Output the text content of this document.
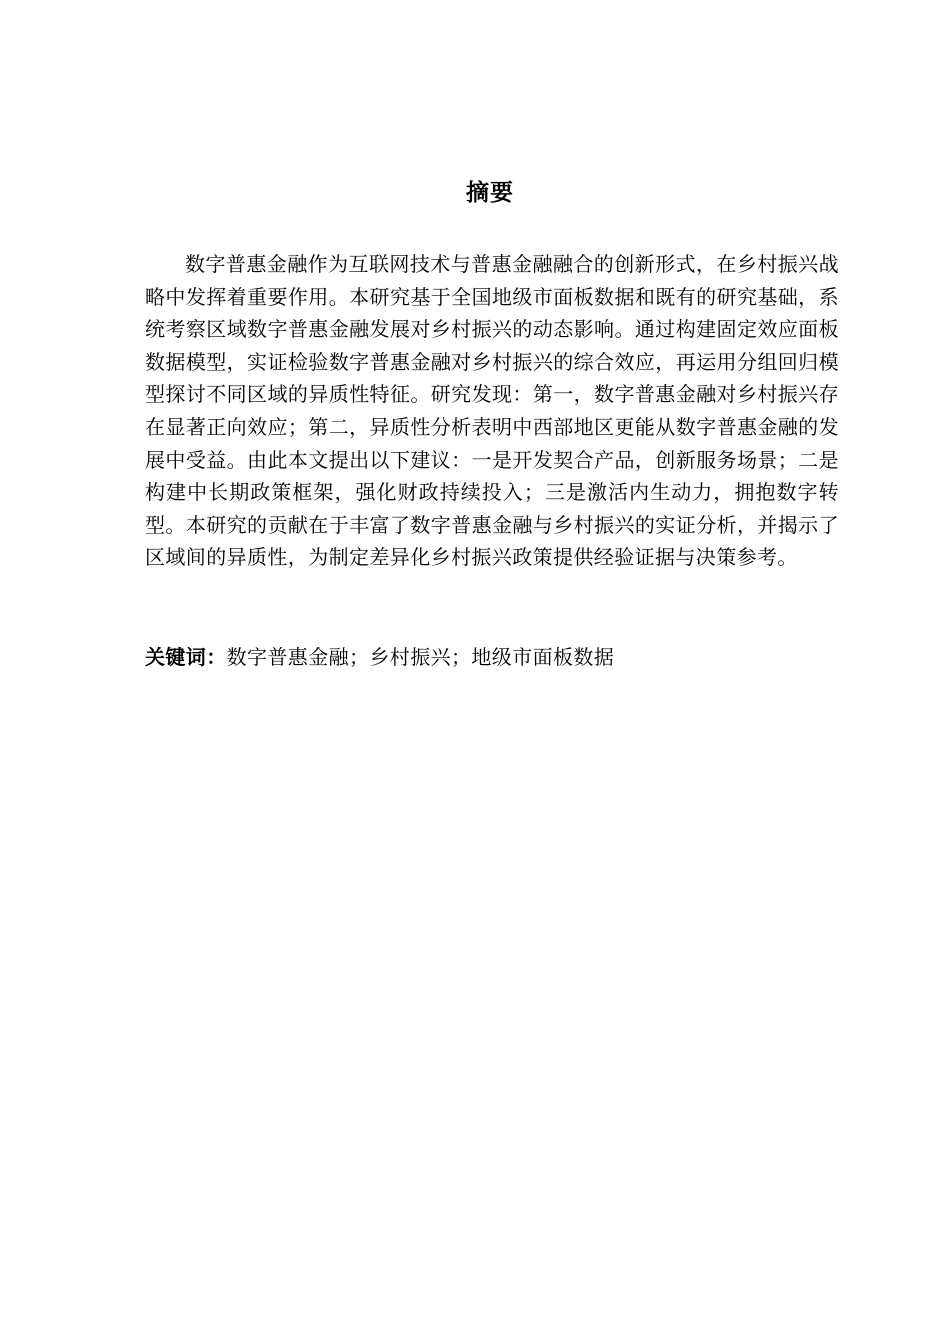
摘要

数字普惠金融作为互联网技术与普惠金融融合的创新形式，在乡村振兴战略中发挥着重要作用。本研究基于全国地级市面板数据和既有的研究基础，系统考察区域数字普惠金融发展对乡村振兴的动态影响。通过构建固定效应面板数据模型，实证检验数字普惠金融对乡村振兴的综合效应，再运用分组回归模型探讨不同区域的异质性特征。研究发现：第一，数字普惠金融对乡村振兴存在显著正向效应；第二，异质性分析表明中西部地区更能从数字普惠金融的发展中受益。由此本文提出以下建议：一是开发契合产品，创新服务场景；二是构建中长期政策框架，强化财政持续投入；三是激活内生动力，拥抱数字转型。本研究的贡献在于丰富了数字普惠金融与乡村振兴的实证分析，并揭示了区域间的异质性，为制定差异化乡村振兴政策提供经验证据与决策参考。

关键词：数字普惠金融；乡村振兴；地级市面板数据
